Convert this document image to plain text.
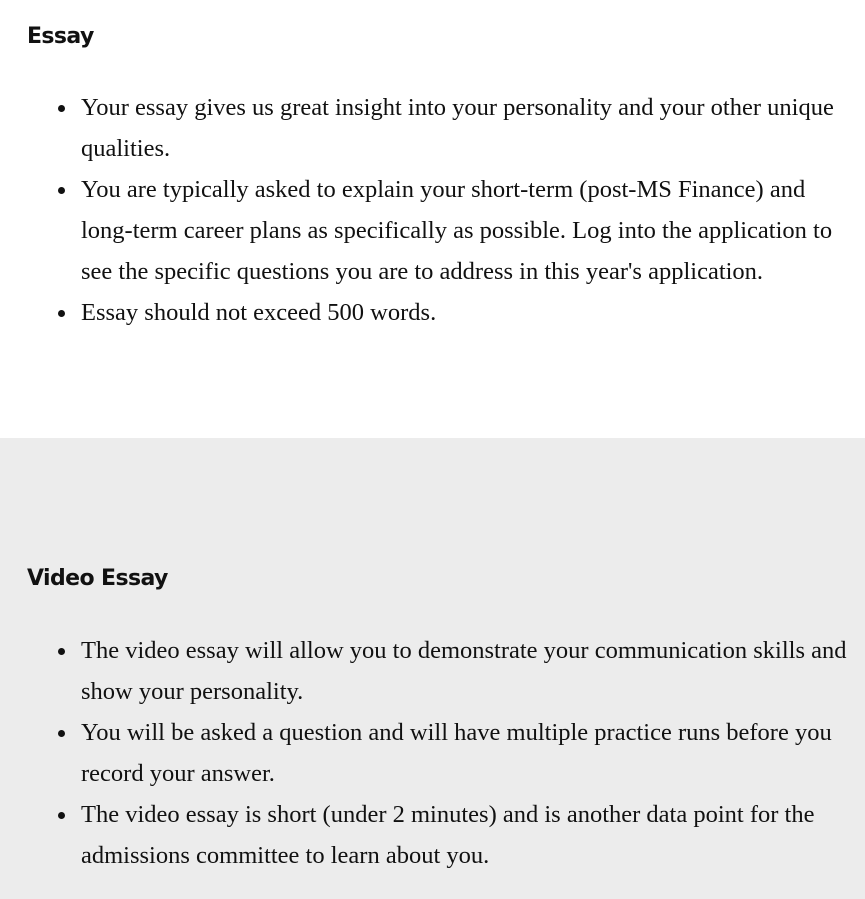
Essay
Your essay gives us great insight into your personality and your other unique qualities.
You are typically asked to explain your short-term (post-MS Finance) and long-term career plans as specifically as possible. Log into the application to see the specific questions you are to address in this year's application.
Essay should not exceed 500 words.
Video Essay
The video essay will allow you to demonstrate your communication skills and show your personality.
You will be asked a question and will have multiple practice runs before you record your answer.
The video essay is short (under 2 minutes) and is another data point for the admissions committee to learn about you.
